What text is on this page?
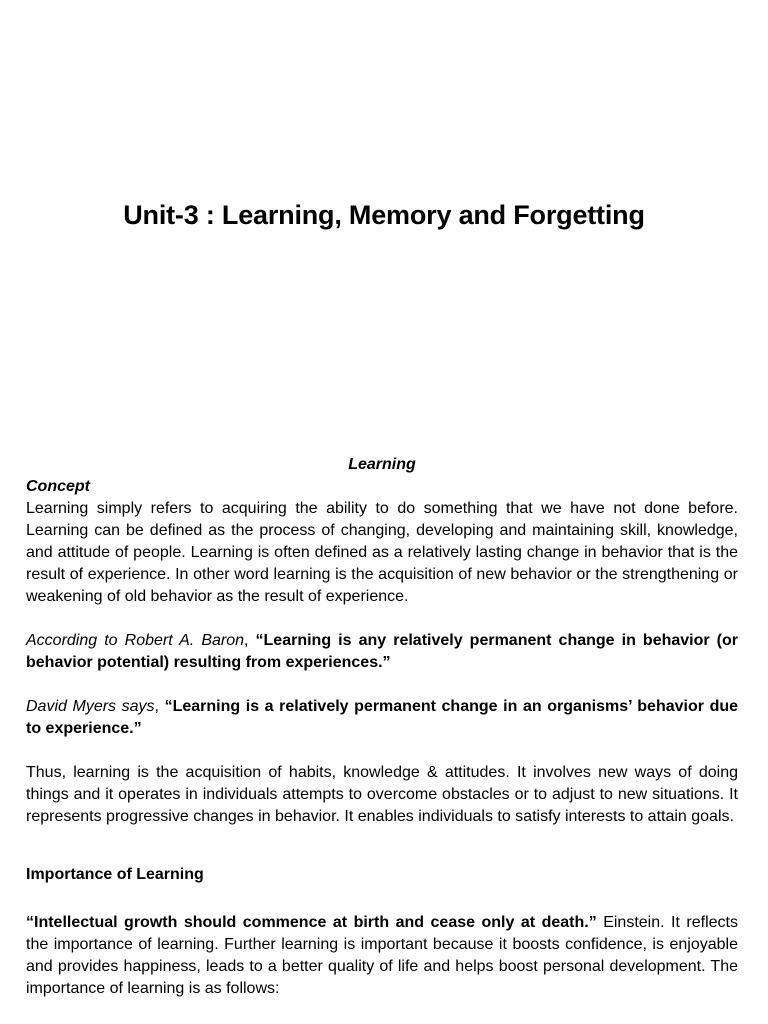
Unit-3 : Learning, Memory and Forgetting

Learning

Concept

Learning simply refers to acquiring the ability to do something that we have not done before. Learning can be defined as the process of changing, developing and maintaining skill, knowledge, and attitude of people. Learning is often defined as a relatively lasting change in behavior that is the result of experience. In other word learning is the acquisition of new behavior or the strengthening or weakening of old behavior as the result of experience.

According to Robert A. Baron, “Learning is any relatively permanent change in behavior (or behavior potential) resulting from experiences.”

David Myers says, “Learning is a relatively permanent change in an organisms’ behavior due to experience.”

Thus, learning is the acquisition of habits, knowledge & attitudes. It involves new ways of doing things and it operates in individuals attempts to overcome obstacles or to adjust to new situations. It represents progressive changes in behavior. It enables individuals to satisfy interests to attain goals.

Importance of Learning

“Intellectual growth should commence at birth and cease only at death.” Einstein. It reflects the importance of learning. Further learning is important because it boosts confidence, is enjoyable and provides happiness, leads to a better quality of life and helps boost personal development. The importance of learning is as follows:
